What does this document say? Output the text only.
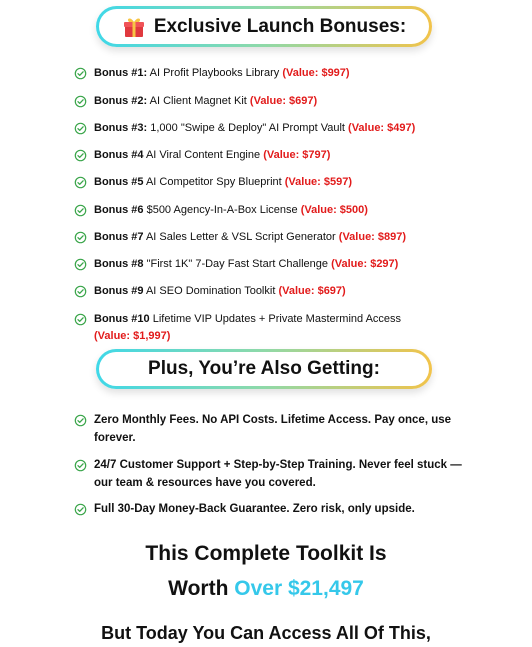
Exclusive Launch Bonuses:
Bonus #1: AI Profit Playbooks Library (Value: $997)
Bonus #2: AI Client Magnet Kit (Value: $697)
Bonus #3: 1,000 "Swipe & Deploy" AI Prompt Vault (Value: $497)
Bonus #4 AI Viral Content Engine (Value: $797)
Bonus #5 AI Competitor Spy Blueprint (Value: $597)
Bonus #6 $500 Agency-In-A-Box License (Value: $500)
Bonus #7 AI Sales Letter & VSL Script Generator (Value: $897)
Bonus #8 "First 1K" 7-Day Fast Start Challenge (Value: $297)
Bonus #9 AI SEO Domination Toolkit (Value: $697)
Bonus #10 Lifetime VIP Updates + Private Mastermind Access
(Value: $1,997)
Plus, You’re Also Getting:
Zero Monthly Fees. No API Costs. Lifetime Access. Pay once, use forever.
24/7 Customer Support + Step-by-Step Training. Never feel stuck — our team & resources have you covered.
Full 30-Day Money-Back Guarantee. Zero risk, only upside.
This Complete Toolkit Is
Worth Over $21,497
But Today You Can Access All Of This,
